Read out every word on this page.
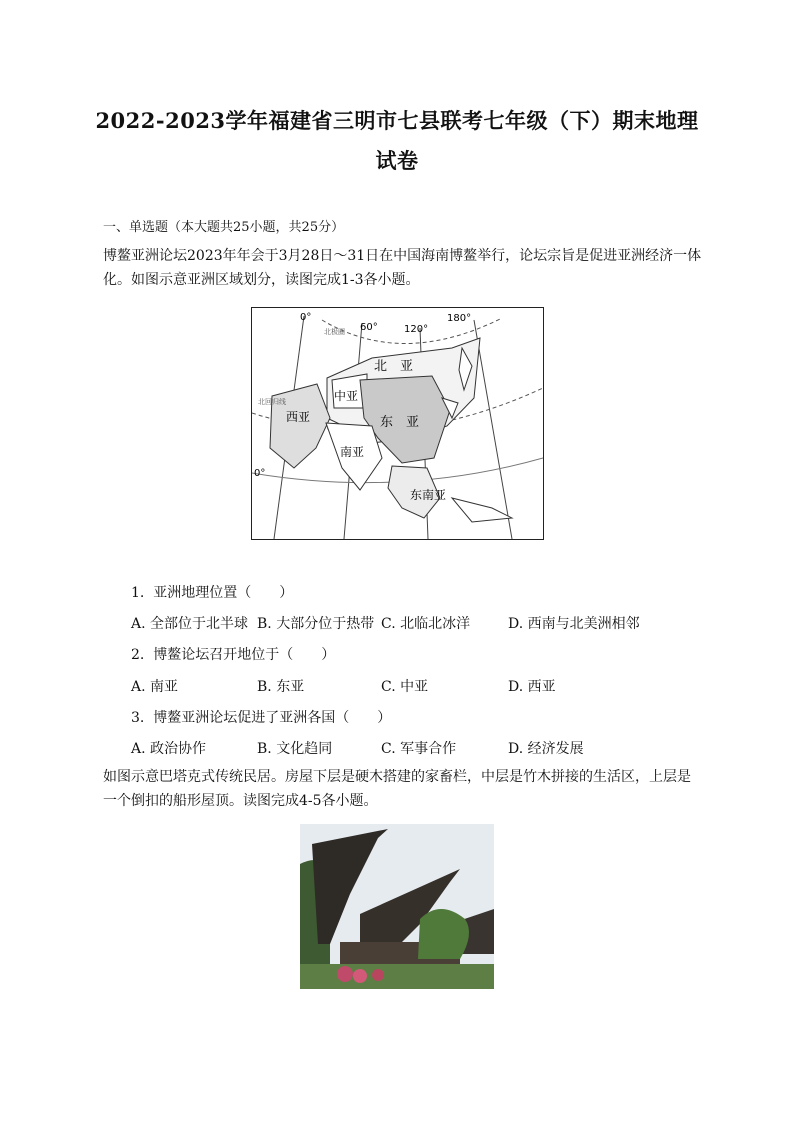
2022-2023学年福建省三明市七县联考七年级（下）期末地理试卷
一、单选题（本大题共25小题，共25分）
博鳌亚洲论坛2023年年会于3月28日～31日在中国海南博鳌举行，论坛宗旨是促进亚洲经济一体化。如图示意亚洲区域划分，读图完成1-3各小题。
0°
60°	120°
180°
0°
北极圈
北回归线
北　亚
中亚
西亚	东　亚
南亚
东南亚
1. 亚洲地理位置（　　）
A. 全部位于北半球 B. 大部分位于热带 C. 北临北冰洋	D. 西南与北美洲相邻
2. 博鳌论坛召开地位于（　　）
A. 南亚	B. 东亚	C. 中亚	D. 西亚
3. 博鳌亚洲论坛促进了亚洲各国（　　）
A. 政治协作	B. 文化趋同	C. 军事合作	D. 经济发展
如图示意巴塔克式传统民居。房屋下层是硬木搭建的家畜栏，中层是竹木拼接的生活区，上层是一个倒扣的船形屋顶。读图完成4-5各小题。
